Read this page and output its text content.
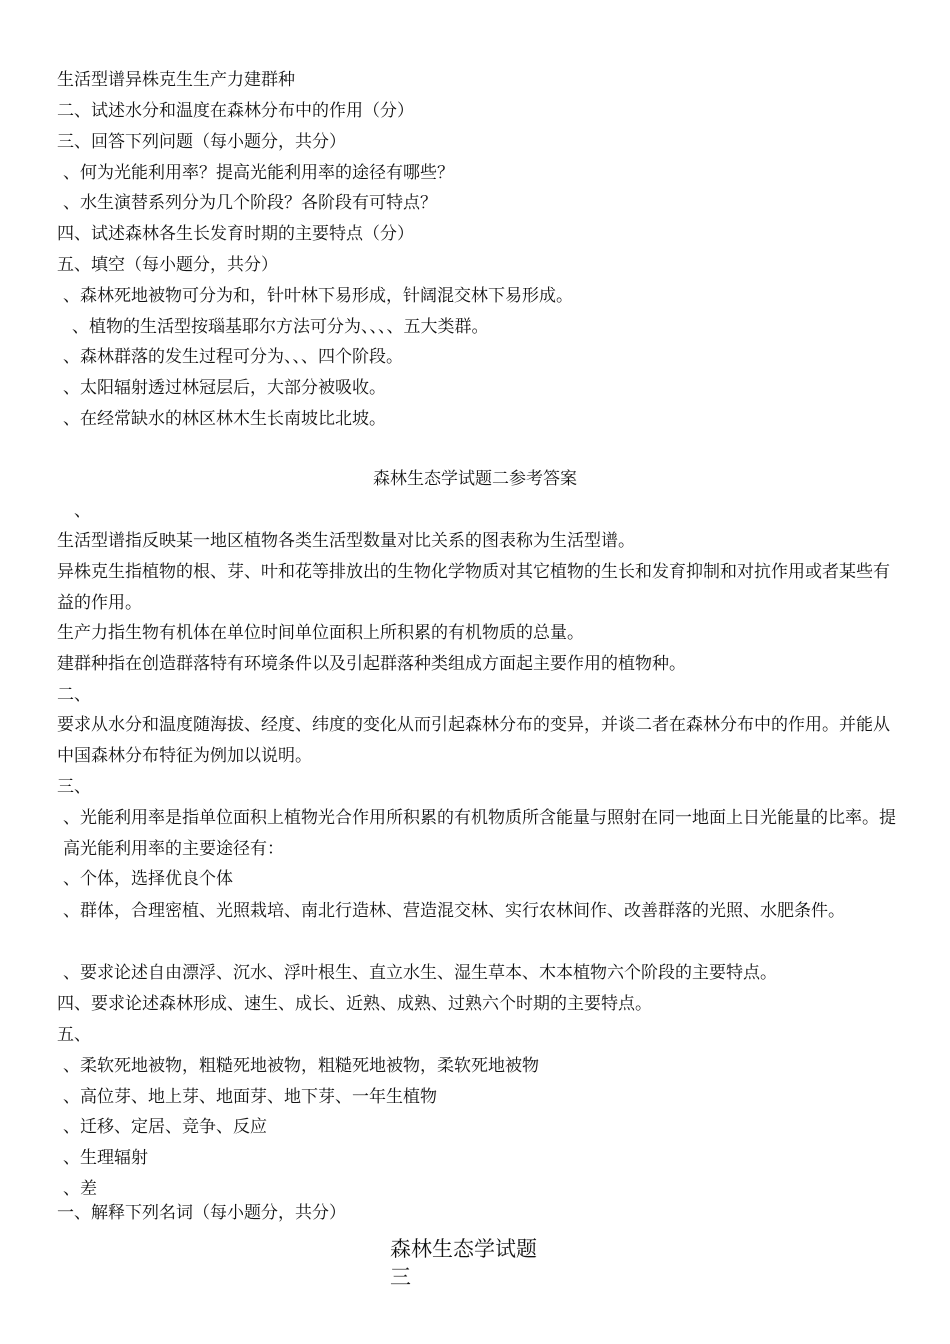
生活型谱异株克生生产力建群种
二、试述水分和温度在森林分布中的作用（分）
三、回答下列问题（每小题分，共分）
、何为光能利用率？提高光能利用率的途径有哪些？
、水生演替系列分为几个阶段？各阶段有可特点？
四、试述森林各生长发育时期的主要特点（分）
五、填空（每小题分，共分）
、森林死地被物可分为和，针叶林下易形成，针阔混交林下易形成。
、植物的生活型按瑙基耶尔方法可分为、、、、五大类群。
、森林群落的发生过程可分为、、、四个阶段。
、太阳辐射透过林冠层后，大部分被吸收。
、在经常缺水的林区林木生长南坡比北坡。
森林生态学试题二参考答案
、
生活型谱指反映某一地区植物各类生活型数量对比关系的图表称为生活型谱。
异株克生指植物的根、芽、叶和花等排放出的生物化学物质对其它植物的生长和发育抑制和对抗作用或者某些有益的作用。
生产力指生物有机体在单位时间单位面积上所积累的有机物质的总量。
建群种指在创造群落特有环境条件以及引起群落种类组成方面起主要作用的植物种。
二、
要求从水分和温度随海拔、经度、纬度的变化从而引起森林分布的变异，并谈二者在森林分布中的作用。并能从中国森林分布特征为例加以说明。
三、
、光能利用率是指单位面积上植物光合作用所积累的有机物质所含能量与照射在同一地面上日光能量的比率。提高光能利用率的主要途径有：
、个体，选择优良个体
、群体，合理密植、光照栽培、南北行造林、营造混交林、实行农林间作、改善群落的光照、水肥条件。
、要求论述自由漂浮、沉水、浮叶根生、直立水生、湿生草本、木本植物六个阶段的主要特点。
四、要求论述森林形成、速生、成长、近熟、成熟、过熟六个时期的主要特点。
五、
、柔软死地被物，粗糙死地被物，粗糙死地被物，柔软死地被物
、高位芽、地上芽、地面芽、地下芽、一年生植物
、迁移、定居、竞争、反应
、生理辐射
、差
一、解释下列名词（每小题分，共分）
森林生态学试题
三
